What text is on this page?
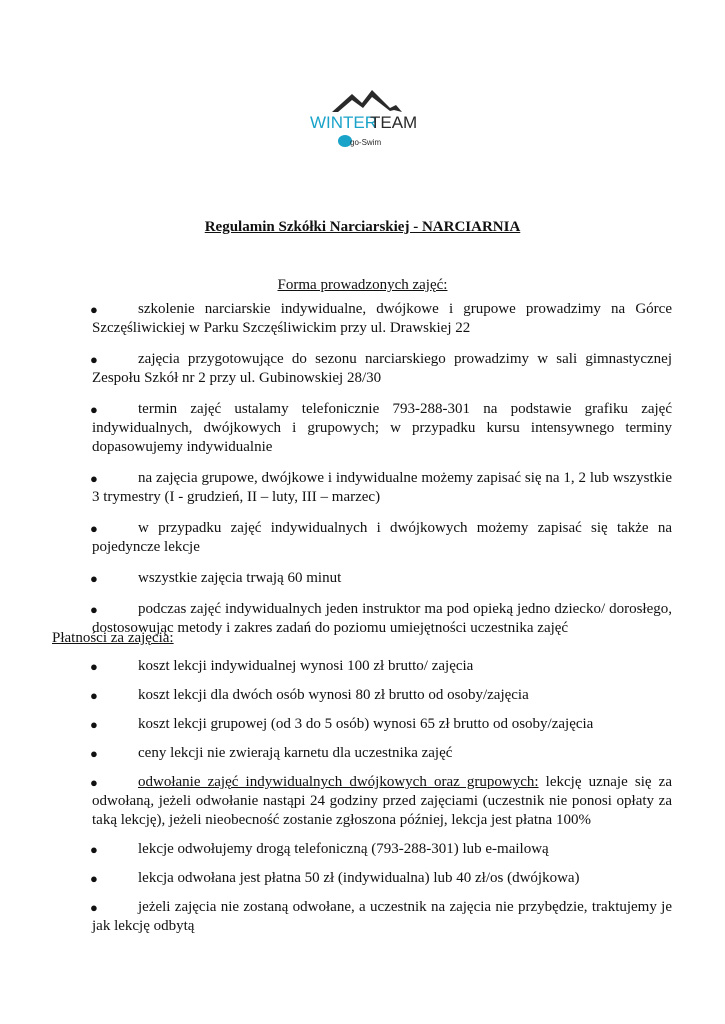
WINTER
TEAM
go-Swim
Regulamin Szkółki Narciarskiej - NARCIARNIA
Forma prowadzonych zajęć:
●	szkolenie narciarskie indywidualne, dwójkowe i grupowe prowadzimy na Górce Szczęśliwickiej w Parku Szczęśliwickim przy ul. Drawskiej 22
●	zajęcia przygotowujące do sezonu narciarskiego prowadzimy w sali gimnastycznej Zespołu Szkół nr 2 przy ul. Gubinowskiej 28/30
●	termin zajęć ustalamy telefonicznie 793-288-301 na podstawie grafiku zajęć indywidualnych, dwójkowych i grupowych; w przypadku kursu intensywnego terminy dopasowujemy indywidualnie
●	na zajęcia grupowe, dwójkowe i indywidualne możemy zapisać się na 1, 2 lub wszystkie 3 trymestry (I - grudzień, II – luty, III – marzec)
●	w przypadku zajęć indywidualnych i dwójkowych możemy zapisać się także na pojedyncze lekcje
●	wszystkie zajęcia trwają 60 minut
●	podczas zajęć indywidualnych jeden instruktor ma pod opieką jedno dziecko/ dorosłego, dostosowując metody i zakres zadań do poziomu umiejętności uczestnika zajęć
Płatności za zajęcia:
●	koszt lekcji indywidualnej wynosi 100 zł brutto/ zajęcia
●	koszt lekcji dla dwóch osób wynosi 80 zł brutto od osoby/zajęcia
●	koszt lekcji grupowej (od 3 do 5 osób) wynosi 65 zł brutto od osoby/zajęcia
●	ceny lekcji nie zwierają karnetu dla uczestnika zajęć
●	odwołanie zajęć indywidualnych dwójkowych oraz grupowych: lekcję uznaje się za odwołaną, jeżeli odwołanie nastąpi 24 godziny przed zajęciami (uczestnik nie ponosi opłaty za taką lekcję), jeżeli nieobecność zostanie zgłoszona później, lekcja jest płatna 100%
●	lekcje odwołujemy drogą telefoniczną (793-288-301) lub e-mailową
●	lekcja odwołana jest płatna 50 zł (indywidualna) lub 40 zł/os (dwójkowa)
●	jeżeli zajęcia nie zostaną odwołane, a uczestnik na zajęcia nie przybędzie, traktujemy je jak lekcję odbytą
